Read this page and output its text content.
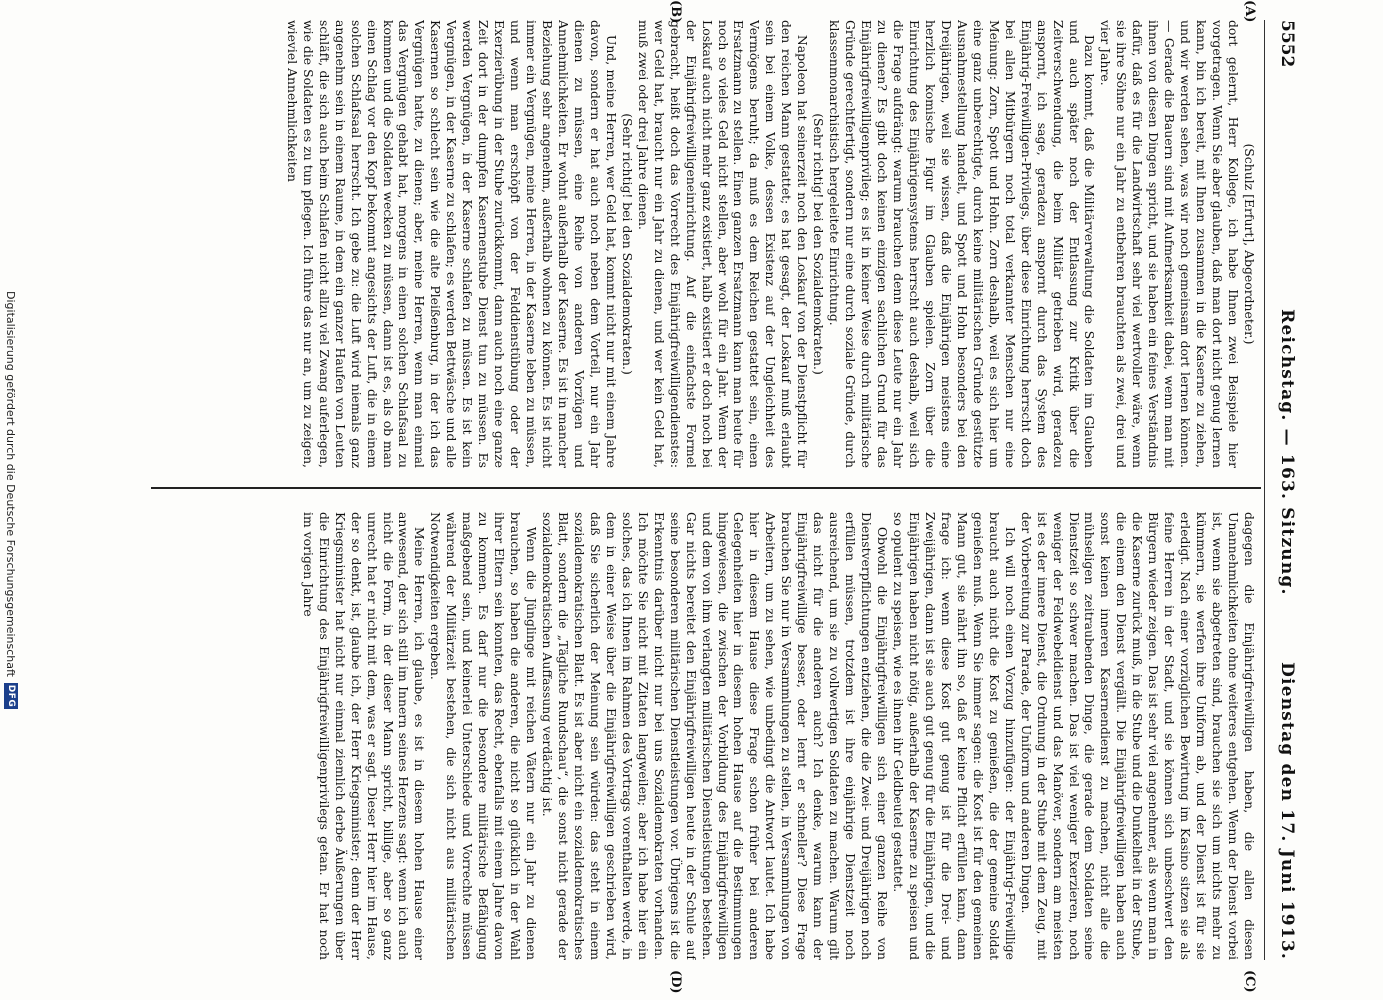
5552
Reichstag. — 163. Sitzung.
Dienstag den 17. Juni 1913.
(A)
(B)
(C)
(D)

(Schulz [Erfurt], Abgeordneter.)

dort gelernt, Herr Kollege, ich habe Ihnen zwei Beispiele hier vorgetragen. Wenn Sie aber glauben, daß man dort nicht genug lernen kann, bin ich bereit, mit Ihnen zusammen in die Kaserne zu ziehen, und wir werden sehen, was wir noch gemeinsam dort lernen können. — Gerade die Bauern sind mit Aufmerksamkeit dabei, wenn man mit ihnen von diesen Dingen spricht, und sie haben ein feines Verständnis dafür, daß es für die Landwirtschaft sehr viel wertvoller wäre, wenn sie ihre Söhne nur ein Jahr zu entbehren brauchten als zwei, drei und vier Jahre.

Dazu kommt, daß die Militärverwaltung die Soldaten im Glauben und auch später noch der Entlassung zur Kritik über die Zeitverschwendung, die beim Militär getrieben wird, geradezu anspornt, ich sage, geradezu anspornt durch das System des Einjährig-Freiwilligen-Privilegs, über diese Einrichtung herrscht doch bei allen Mitbürgern noch total verkannter Menschen nur eine Meinung: Zorn, Spott und Hohn. Zorn deshalb, weil es sich hier um eine ganz unberechtigte, durch keine militärischen Gründe gestützte Ausnahmestellung handelt, und Spott und Hohn besonders bei den Dreijährigen, weil sie wissen, daß die Einjährigen meistens eine herzlich komische Figur im Glauben spielen. Zorn über die Einrichtung des Einjährigensystems herrscht auch deshalb, weil sich die Frage aufdrängt: warum brauchen denn diese Leute nur ein Jahr zu dienen? Es gibt doch keinen einzigen sachlichen Grund für das Einjährigfreiwilligenprivileg; es ist in keiner Weise durch militärische Gründe gerechtfertigt, sondern nur eine durch soziale Gründe, durch klassenmonarchistisch hergeleitete Einrichtung.

(Sehr richtig! bei den Sozialdemokraten.)

Napoleon hat seinerzeit noch den Loskauf von der Dienstpflicht für den reichen Mann gestattet; es hat gesagt, der Loskauf muß erlaubt sein bei einem Volke, dessen Existenz auf der Ungleichheit des Vermögens beruht; da muß es dem Reichen gestattet sein, einen Ersatzmann zu stellen. Einen ganzen Ersatzmann kann man heute für noch so vieles Geld nicht stellen, aber wohl für ein Jahr. Wenn der Loskauf auch nicht mehr ganz existiert, halb existiert er doch noch bei der Einjährigfreiwilligeneinrichtung. Auf die einfachste Formel gebracht, heißt doch das Vorrecht des Einjährigfreiwilligendienstes: wer Geld hat, braucht nur ein Jahr zu dienen, und wer kein Geld hat, muß zwei oder drei Jahre dienen.

(Sehr richtig! bei den Sozialdemokraten.)

Und, meine Herren, wer Geld hat, kommt nicht nur mit einem Jahre davon, sondern er hat auch noch neben dem Vorteil, nur ein Jahr dienen zu müssen, eine Reihe von anderen Vorzügen und Annehmlichkeiten. Er wohnt außerhalb der Kaserne. Es ist in mancher Beziehung sehr angenehm, außerhalb wohnen zu können. Es ist nicht immer ein Vergnügen, meine Herren, in der Kaserne leben zu müssen, und wenn man erschöpft von der Felddienstübung oder der Exerzierübung in der Stube zurückkommt, dann auch noch eine ganze Zeit dort in der dumpfen Kasernenstube Dienst tun zu müssen. Es werden Vergnügen, in der Kaserne schlafen zu müssen. Es ist kein Vergnügen, in der Kaserne zu schlafen; es werden Bettwäsche und alle Kasernen so schlecht sein wie die alte Pleißenburg, in der ich das Vergnügen hatte, zu dienen; aber, meine Herren, wenn man einmal das Vergnügen gehabt hat, morgens in einen solchen Schlafsaal zu kommen und die Soldaten wecken zu müssen, dann ist es, als ob man einen Schlag vor den Kopf bekommt angesichts der Luft, die in einem solchen Schlafsaal herrscht. Ich gebe zu: die Luft wird niemals ganz angenehm sein in einem Raume, in dem ein ganzer Haufen von Leuten schläft, die sich auch beim Schlafen nicht allzu viel Zwang auferlegen, wie die Soldaten es zu tun pflegen. Ich führe das nur an, um zu zeigen, wieviel Annehmlichkeiten

dagegen die Einjährigfreiwilligen haben, die allen diesen Unannehmlichkeiten ohne weiteres entgehen. Wenn der Dienst vorbei ist, wenn sie abgetreten sind, brauchen sie sich um nichts mehr zu kümmern, sie werfen ihre Uniform ab, und der Dienst ist für sie erledigt. Nach einer vorzüglichen Bewirtung im Kasino sitzen sie als feine Herren in der Stadt, und sie können sich unbeschwert den Bürgern wieder zeigen. Das ist sehr viel angenehmer, als wenn man in die Kaserne zurück muß, in die Stube und die Dunkelheit in der Stube, die einem den Dienst vergällt. Die Einjährigfreiwilligen haben auch sonst keinen inneren Kasernendienst zu machen, nicht alle die mühseligen zeitraubenden Dinge, die gerade dem Soldaten seine Dienstzeit so schwer machen. Das ist viel weniger Exerzieren, noch weniger der Feldwebeldienst und das Manöver, sondern am meisten ist es der innere Dienst, die Ordnung in der Stube mit dem Zeug, mit der Vorbereitung zur Parade, der Uniform und anderen Dingen.

Ich will noch einen Vorzug hinzufügen: der Einjährig-Freiwillige braucht auch nicht die Kost zu genießen, die der gemeine Soldat genießen muß. Wenn Sie immer sagen: die Kost ist für den gemeinen Mann gut, sie nährt ihn so, daß er keine Pflicht erfüllen kann, dann frage ich: wenn diese Kost gut genug ist für die Drei- und Zweijährigen, dann ist sie auch gut genug für die Einjährigen, und die Einjährigen haben nicht nötig, außerhalb der Kaserne zu speisen und so opulent zu speisen, wie es ihnen ihr Geldbeutel gestattet.

Obwohl die Einjährigfreiwilligen sich einer ganzen Reihe von Dienstverpflichtungen entziehen, die die Zwei- und Dreijährigen noch erfüllen müssen, trotzdem ist ihre einjährige Dienstzeit noch ausreichend, um sie zu vollwertigen Soldaten zu machen. Warum gilt das nicht für die anderen auch? Ich denke, warum kann der Einjährigfreiwillige besser, oder lernt er schneller? Diese Frage brauchen Sie nur in Versammlungen zu stellen, in Versammlungen von Arbeitern, um zu sehen, wie unbedingt die Antwort lautet. Ich habe hier in diesem Hause diese Frage schon früher bei anderen Gelegenheiten hier in diesem hohen Hause auf die Bestimmungen hingewiesen, die zwischen der Vorbildung des Einjährigfreiwilligen und dem von ihm verlangten militärischen Dienstleistungen bestehen. Gar nichts bereitet den Einjährigfreiwilligen heute in der Schule auf seine besonderen militärischen Dienstleistungen vor. Übrigens ist die Erkenntnis darüber nicht nur bei uns Sozialdemokraten vorhanden. Ich möchte Sie nicht mit Zitaten langweilen; aber ich habe hier ein solches, das ich Ihnen im Rahmen des Vortrags vorenthalten werde, in dem in einer Weise über die Einjährigfreiwilligen geschrieben wird, daß Sie sicherlich der Meinung sein würden: das steht in einem sozialdemokratischen Blatt. Es ist aber nicht ein sozialdemokratisches Blatt, sondern die „Tägliche Rundschau“, die sonst nicht gerade der sozialdemokratischen Auffassung verdächtig ist.

Wenn die Jünglinge mit reichen Vätern nur ein Jahr zu dienen brauchen, so haben die anderen, die nicht so glücklich in der Wahl ihrer Eltern sein konnten, das Recht, ebenfalls mit einem Jahre davon zu kommen. Es darf nur die besondere militärische Befähigung maßgebend sein, und keinerlei Unterschiede und Vorrechte müssen während der Militärzeit bestehen, die sich nicht aus militärischen Notwendigkeiten ergeben.

Meine Herren, ich glaube, es ist in diesem hohen Hause einer anwesend, der sich still im Innern seines Herzens sagt: wenn ich auch nicht die Form, in der dieser Mann spricht, billige, aber so ganz unrecht hat er nicht mit dem, was er sagt. Dieser Herr hier im Hause, der so denkt, ist, glaube ich, der Herr Kriegsminister; denn der Herr Kriegsminister hat nicht nur einmal ziemlich derbe Äußerungen über die Einrichtung des Einjährigfreiwilligenprivilegs getan. Er hat noch im vorigen Jahre

Digitalisierung gefördert durch die Deutsche Forschungsgemeinschaft
DFG
